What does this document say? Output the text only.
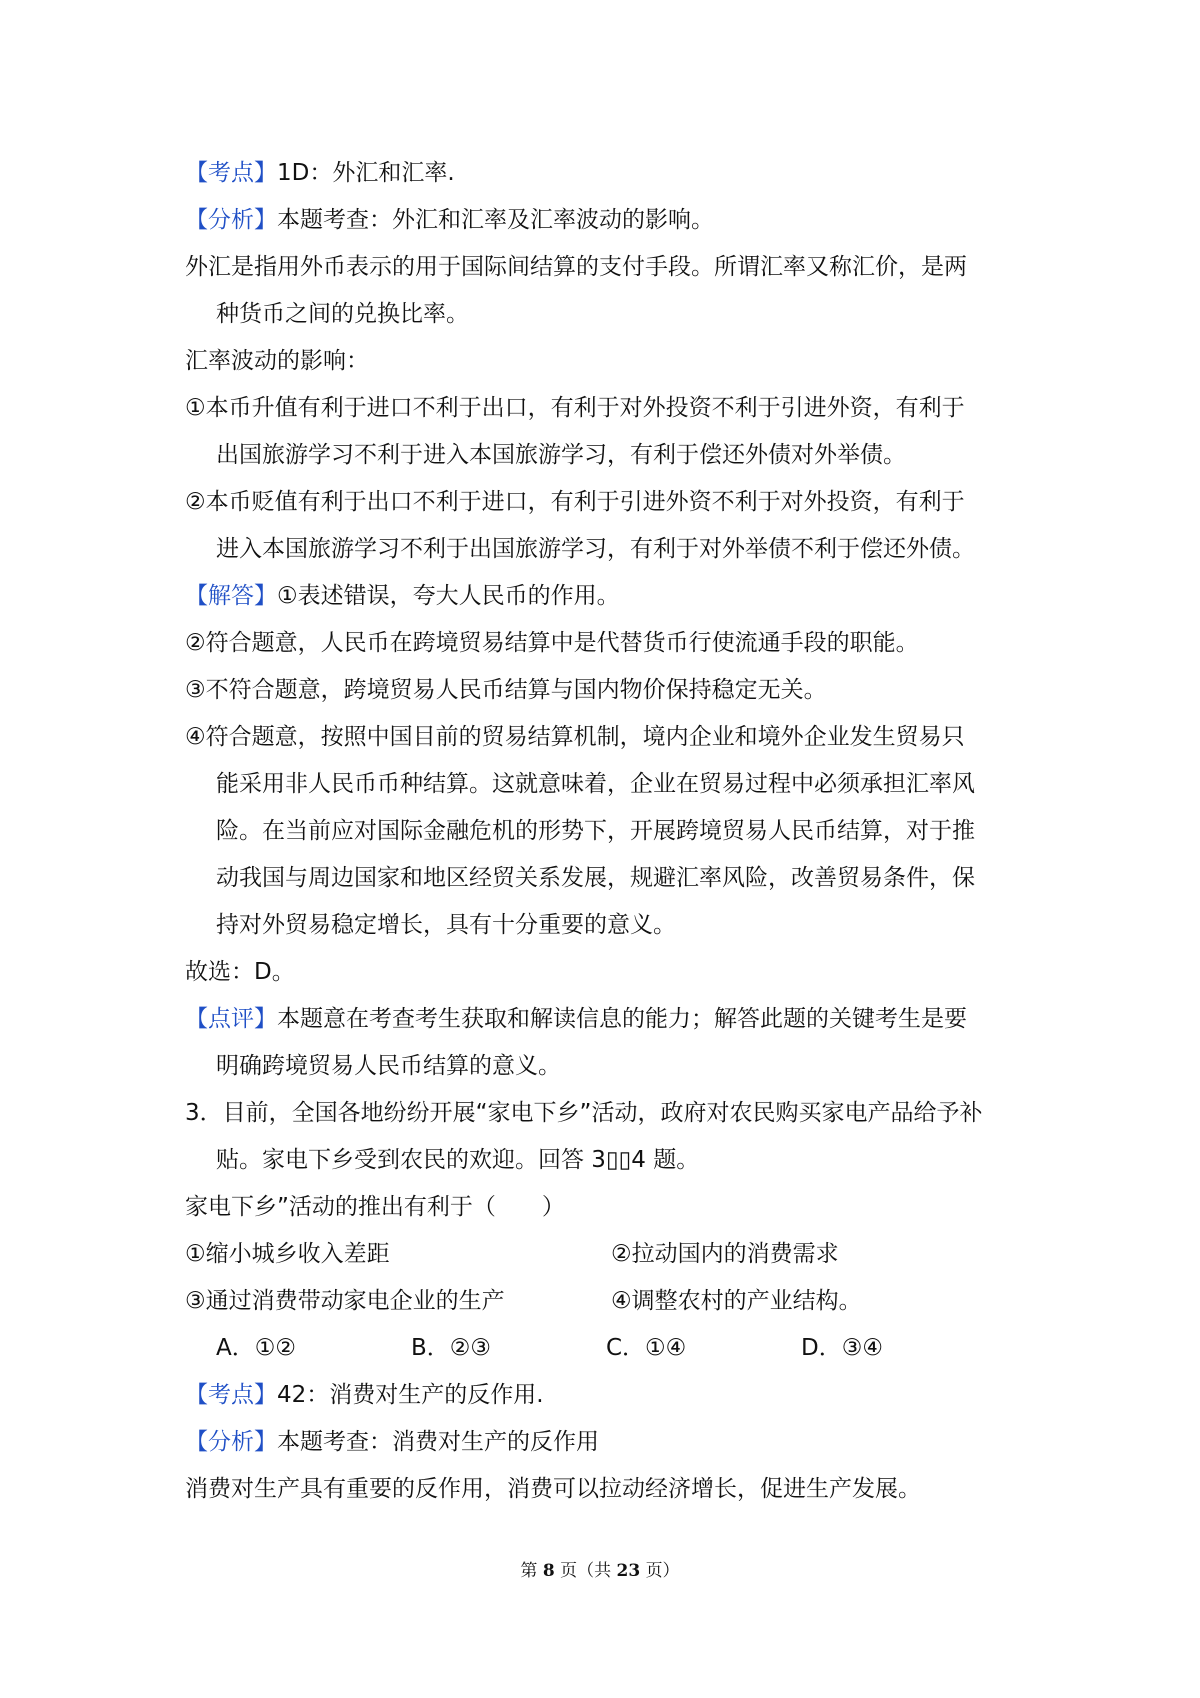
【考点】1D：外汇和汇率.
【分析】本题考查：外汇和汇率及汇率波动的影响。
外汇是指用外币表示的用于国际间结算的支付手段。所谓汇率又称汇价，是两
种货币之间的兑换比率。
汇率波动的影响：
①本币升值有利于进口不利于出口，有利于对外投资不利于引进外资，有利于
出国旅游学习不利于进入本国旅游学习，有利于偿还外债对外举债。
②本币贬值有利于出口不利于进口，有利于引进外资不利于对外投资，有利于
进入本国旅游学习不利于出国旅游学习，有利于对外举债不利于偿还外债。
【解答】①表述错误，夸大人民币的作用。
②符合题意，人民币在跨境贸易结算中是代替货币行使流通手段的职能。
③不符合题意，跨境贸易人民币结算与国内物价保持稳定无关。
④符合题意，按照中国目前的贸易结算机制，境内企业和境外企业发生贸易只
能采用非人民币币种结算。这就意味着，企业在贸易过程中必须承担汇率风
险。在当前应对国际金融危机的形势下，开展跨境贸易人民币结算，对于推
动我国与周边国家和地区经贸关系发展，规避汇率风险，改善贸易条件，保
持对外贸易稳定增长，具有十分重要的意义。
故选：D。
【点评】本题意在考查考生获取和解读信息的能力；解答此题的关键考生是要
明确跨境贸易人民币结算的意义。
3．目前，全国各地纷纷开展“家电下乡”活动，政府对农民购买家电产品给予补
贴。家电下乡受到农民的欢迎。回答 3▯▯4 题。
家电下乡”活动的推出有利于（　　）
①缩小城乡收入差距	②拉动国内的消费需求
③通过消费带动家电企业的生产	④调整农村的产业结构。
A．①②	B．②③	C．①④	D．③④
【考点】42：消费对生产的反作用.
【分析】本题考查：消费对生产的反作用
消费对生产具有重要的反作用，消费可以拉动经济增长，促进生产发展。
第 8 页（共 23 页）
